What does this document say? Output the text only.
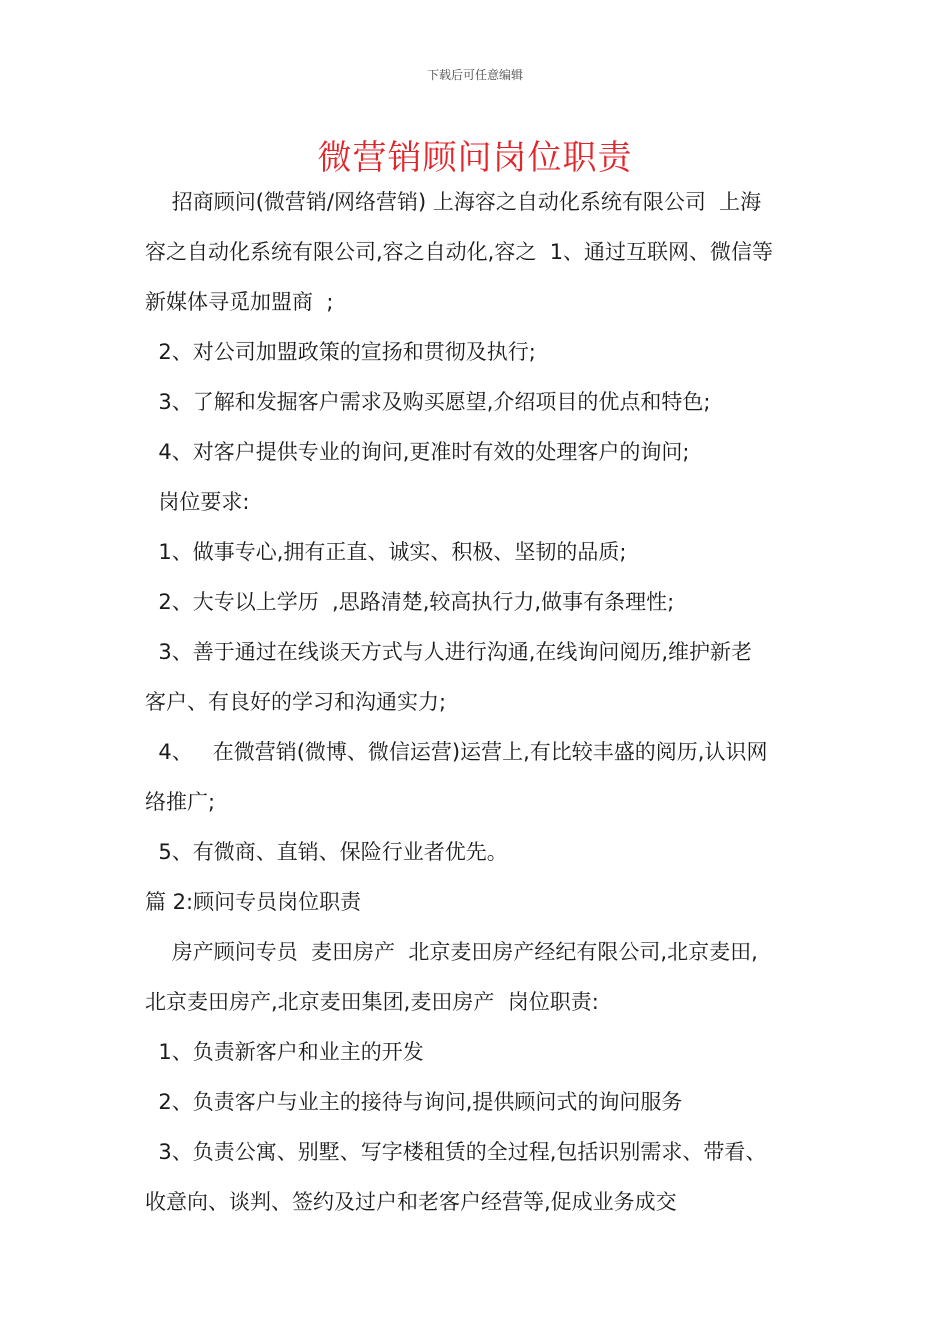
下载后可任意编辑
微营销顾问岗位职责
招商顾问(微营销/网络营销) 上海容之自动化系统有限公司  上海
容之自动化系统有限公司,容之自动化,容之  1、通过互联网、微信等
新媒体寻觅加盟商  ;
2、对公司加盟政策的宣扬和贯彻及执行;
3、了解和发掘客户需求及购买愿望,介绍项目的优点和特色;
4、对客户提供专业的询问,更准时有效的处理客户的询问;
岗位要求:
1、做事专心,拥有正直、诚实、积极、坚韧的品质;
2、大专以上学历  ,思路清楚,较高执行力,做事有条理性;
3、善于通过在线谈天方式与人进行沟通,在线询问阅历,维护新老
客户、有良好的学习和沟通实力;
4、   在微营销(微博、微信运营)运营上,有比较丰盛的阅历,认识网
络推广;
5、有微商、直销、保险行业者优先。
篇 2:顾问专员岗位职责
房产顾问专员  麦田房产  北京麦田房产经纪有限公司,北京麦田,
北京麦田房产,北京麦田集团,麦田房产  岗位职责:
1、负责新客户和业主的开发
2、负责客户与业主的接待与询问,提供顾问式的询问服务
3、负责公寓、别墅、写字楼租赁的全过程,包括识别需求、带看、
收意向、谈判、签约及过户和老客户经营等,促成业务成交
